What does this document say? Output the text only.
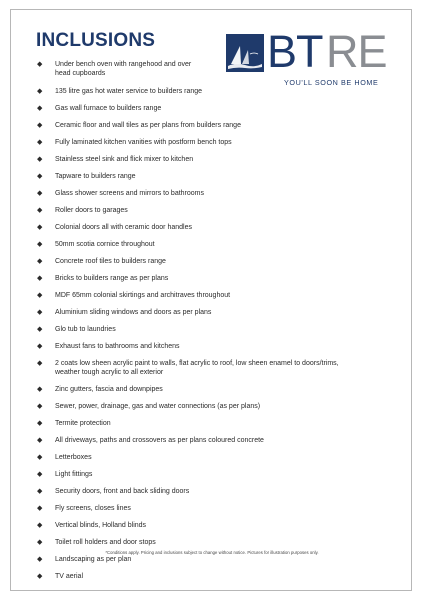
INCLUSIONS BT RE
YOU'LL SOON BE HOME
◆ Under bench oven with rangehood and over
head cupboards
◆ 135 litre gas hot water service to builders range
◆ Gas wall furnace to builders range
◆ Ceramic floor and wall tiles as per plans from builders range
◆ Fully laminated kitchen vanities with postform bench tops
◆ Stainless steel sink and flick mixer to kitchen
◆ Tapware to builders range
◆ Glass shower screens and mirrors to bathrooms
◆ Roller doors to garages
◆ Colonial doors all with ceramic door handles
◆ 50mm scotia cornice throughout
◆ Concrete roof tiles to builders range
◆ Bricks to builders range as per plans
◆ MDF 65mm colonial skirtings and architraves throughout
◆ Aluminium sliding windows and doors as per plans
◆ Glo tub to laundries
◆ Exhaust fans to bathrooms and kitchens
◆ 2 coats low sheen acrylic paint to walls, flat acrylic to roof, low sheen enamel to doors/trims,
weather tough acrylic to all exterior
◆ Zinc gutters, fascia and downpipes
◆ Sewer, power, drainage, gas and water connections (as per plans)
◆ Termite protection
◆ All driveways, paths and crossovers as per plans coloured concrete
◆ Letterboxes
◆ Light fittings
◆ Security doors, front and back sliding doors
◆ Fly screens, closes lines
◆ Vertical blinds, Holland blinds
◆ Toilet roll holders and door stops
◆ Landscaping as per plan
◆ TV aerial
*Conditions apply. Pricing and inclusions subject to change without notice. Pictures for illustration purposes only.
